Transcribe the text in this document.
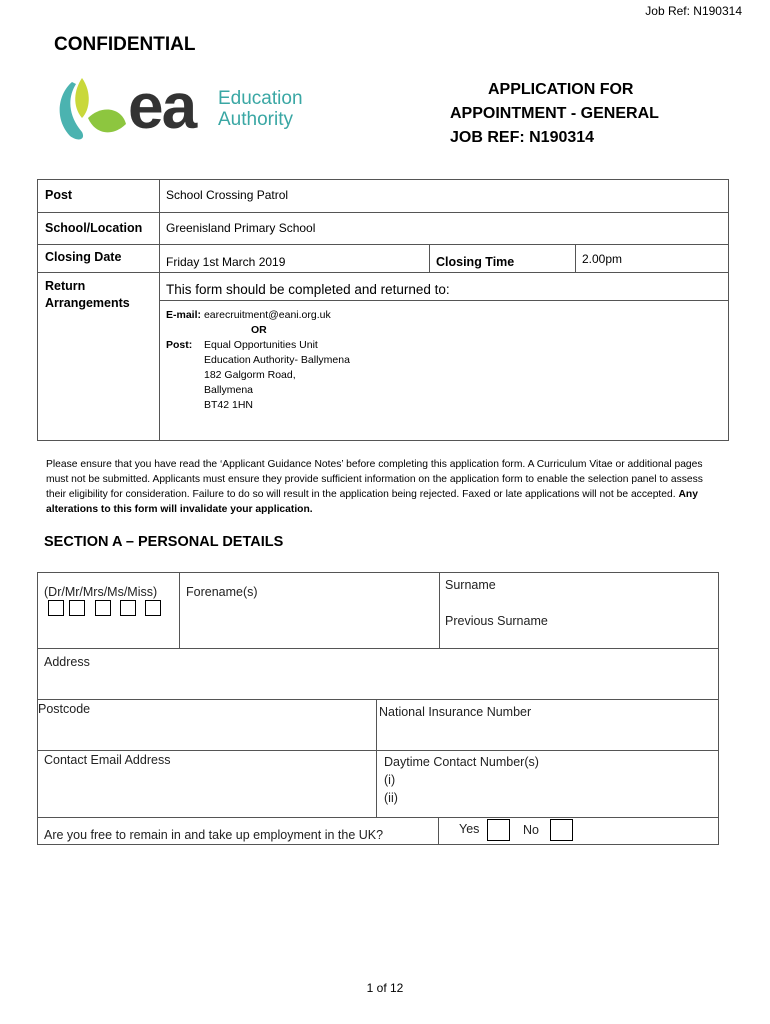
Job Ref: N190314
CONFIDENTIAL
ea Education
Authority
APPLICATION FOR
APPOINTMENT - GENERAL
JOB REF: N190314
Post	School Crossing Patrol
School/Location Greenisland Primary School
Closing Date	Friday 1st March 2019	Closing Time	2.00pm
Return
Arrangements
This form should be completed and returned to:
E-mail: earecruitment@eani.org.uk
OR
Post: Equal Opportunities Unit
Education Authority- Ballymena
182 Galgorm Road,
Ballymena
BT42 1HN
Please ensure that you have read the ‘Applicant Guidance Notes’ before completing this application form. A Curriculum Vitae or additional pages must not be submitted. Applicants must ensure they provide sufficient information on the application form to enable the selection panel to assess their eligibility for consideration. Failure to do so will result in the application being rejected. Faxed or late applications will not be accepted. Any alterations to this form will invalidate your application.
SECTION A – PERSONAL DETAILS
(Dr/Mr/Mrs/Ms/Miss) Forename(s)	Surname
Previous Surname
Address
Postcode	National Insurance Number
Contact Email Address	Daytime Contact Number(s)
(i)
(ii)
Are you free to remain in and take up employment in the UK?	Yes	No
1 of 12
